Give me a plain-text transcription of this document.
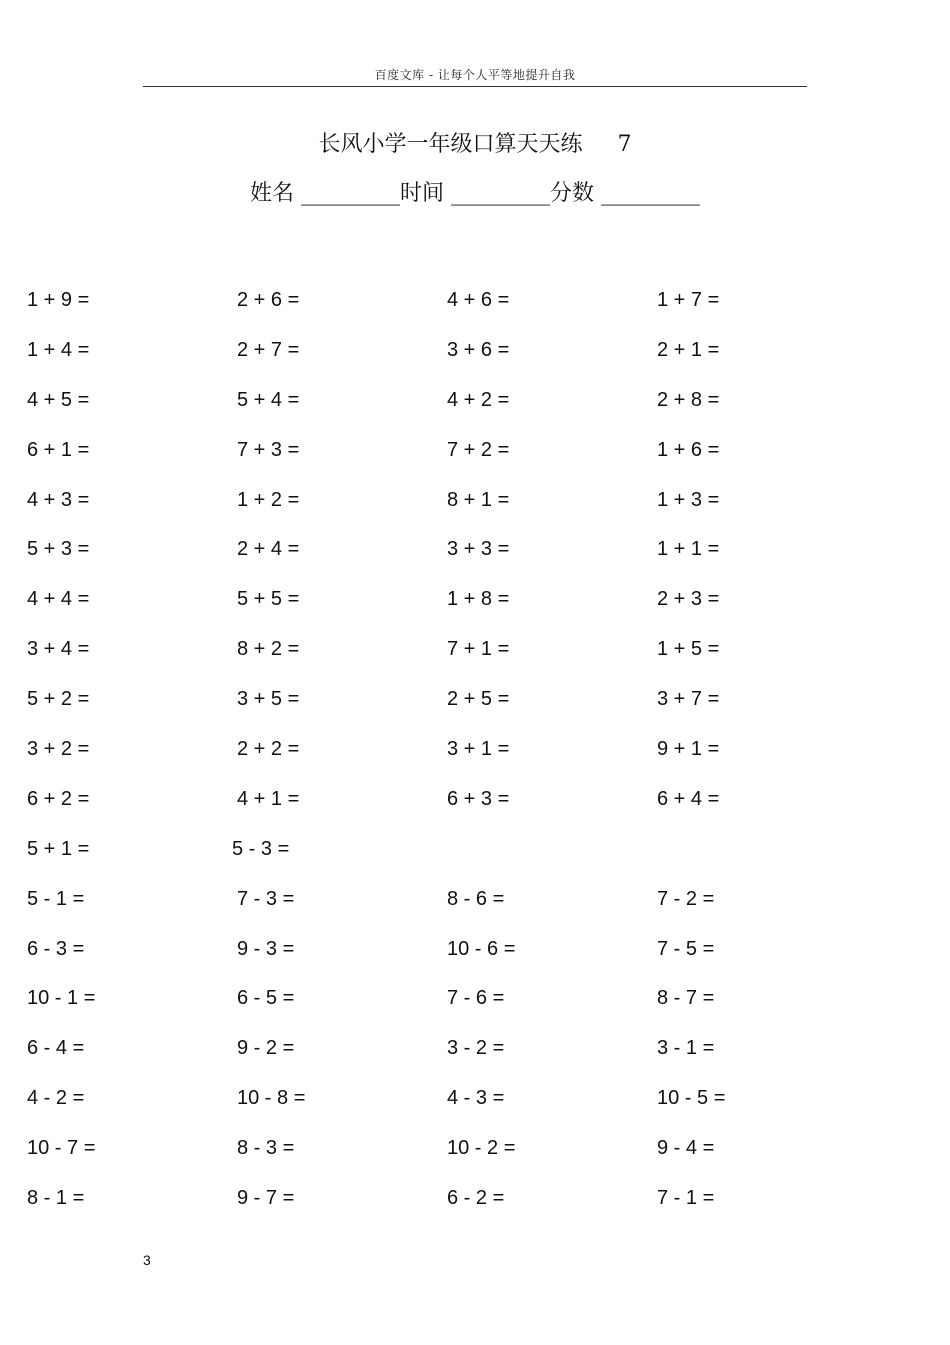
百度文库 - 让每个人平等地提升自我
长风小学一年级口算天天练     7
姓名 _________时间 _________分数 _________
1 + 9 =	2 + 6 =	4 + 6 =	1 + 7 =
1 + 4 =	2 + 7 =	3 + 6 =	2 + 1 =
4 + 5 =	5 + 4 =	4 + 2 =	2 + 8 =
6 + 1 =	7 + 3 =	7 + 2 =	1 + 6 =
4 + 3 =	1 + 2 =	8 + 1 =	1 + 3 =
5 + 3 =	2 + 4 =	3 + 3 =	1 + 1 =
4 + 4 =	5 + 5 =	1 + 8 =	2 + 3 =
3 + 4 =	8 + 2 =	7 + 1 =	1 + 5 =
5 + 2 =	3 + 5 =	2 + 5 =	3 + 7 =
3 + 2 =	2 + 2 =	3 + 1 =	9 + 1 =
6 + 2 =	4 + 1 =	6 + 3 =	6 + 4 =
5 + 1 =	5 - 3 =
5 - 1 =	7 - 3 =	8 - 6 =	7 - 2 =
6 - 3 =	9 - 3 =	10 - 6 =	7 - 5 =
10 - 1 =	6 - 5 =	7 - 6 =	8 - 7 =
6 - 4 =	9 - 2 =	3 - 2 =	3 - 1 =
4 - 2 =	10 - 8 =	4 - 3 =	10 - 5 =
10 - 7 =	8 - 3 =	10 - 2 =	9 - 4 =
8 - 1 =	9 - 7 =	6 - 2 =	7 - 1 =
3
